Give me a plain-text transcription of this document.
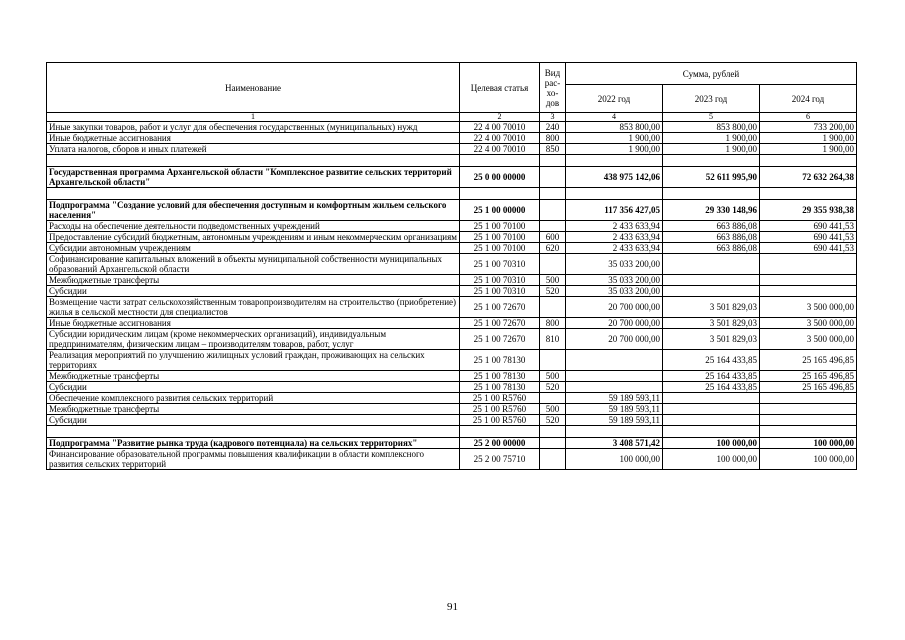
Наименование	Целевая статья	Вид рас-хо-дов	Сумма, рублей		
			2022 год	2023 год	2024 год
1	2	3	4	5	6
Иные закупки товаров, работ и услуг для обеспечения государственных (муниципальных) нужд	22 4 00 70010	240	853 800,00	853 800,00	733 200,00
Иные бюджетные ассигнования	22 4 00 70010	800	1 900,00	1 900,00	1 900,00
Уплата налогов, сборов и иных платежей	22 4 00 70010	850	1 900,00	1 900,00	1 900,00

Государственная программа Архангельской области "Комплексное развитие сельских территорий Архангельской области"	25 0 00 00000		438 975 142,06	52 611 995,90	72 632 264,38

Подпрограмма "Создание условий для обеспечения доступным и комфортным жильем сельского населения"	25 1 00 00000		117 356 427,05	29 330 148,96	29 355 938,38
Расходы на обеспечение деятельности подведомственных учреждений	25 1 00 70100		2 433 633,94	663 886,08	690 441,53
Предоставление субсидий бюджетным, автономным учреждениям и иным некоммерческим организациям	25 1 00 70100	600	2 433 633,94	663 886,08	690 441,53
Субсидии автономным учреждениям	25 1 00 70100	620	2 433 633,94	663 886,08	690 441,53
Софинансирование капитальных вложений в объекты муниципальной собственности муниципальных образований Архангельской области	25 1 00 70310		35 033 200,00		
Межбюджетные трансферты	25 1 00 70310	500	35 033 200,00		
Субсидии	25 1 00 70310	520	35 033 200,00		
Возмещение части затрат сельскохозяйственным товаропроизводителям на строительство (приобретение) жилья в сельской местности для специалистов	25 1 00 72670		20 700 000,00	3 501 829,03	3 500 000,00
Иные бюджетные ассигнования	25 1 00 72670	800	20 700 000,00	3 501 829,03	3 500 000,00
Субсидии юридическим лицам (кроме некоммерческих организаций), индивидуальным предпринимателям, физическим лицам – производителям товаров, работ, услуг	25 1 00 72670	810	20 700 000,00	3 501 829,03	3 500 000,00
Реализация мероприятий по улучшению жилищных условий граждан, проживающих на сельских территориях	25 1 00 78130			25 164 433,85	25 165 496,85
Межбюджетные трансферты	25 1 00 78130	500		25 164 433,85	25 165 496,85
Субсидии	25 1 00 78130	520		25 164 433,85	25 165 496,85
Обеспечение комплексного развития сельских территорий	25 1 00 R5760		59 189 593,11		
Межбюджетные трансферты	25 1 00 R5760	500	59 189 593,11		
Субсидии	25 1 00 R5760	520	59 189 593,11		

Подпрограмма "Развитие рынка труда (кадрового потенциала) на сельских территориях"	25 2 00 00000		3 408 571,42	100 000,00	100 000,00
Финансирование образовательной программы повышения квалификации в области комплексного развития сельских территорий	25 2 00 75710		100 000,00	100 000,00	100 000,00
91
